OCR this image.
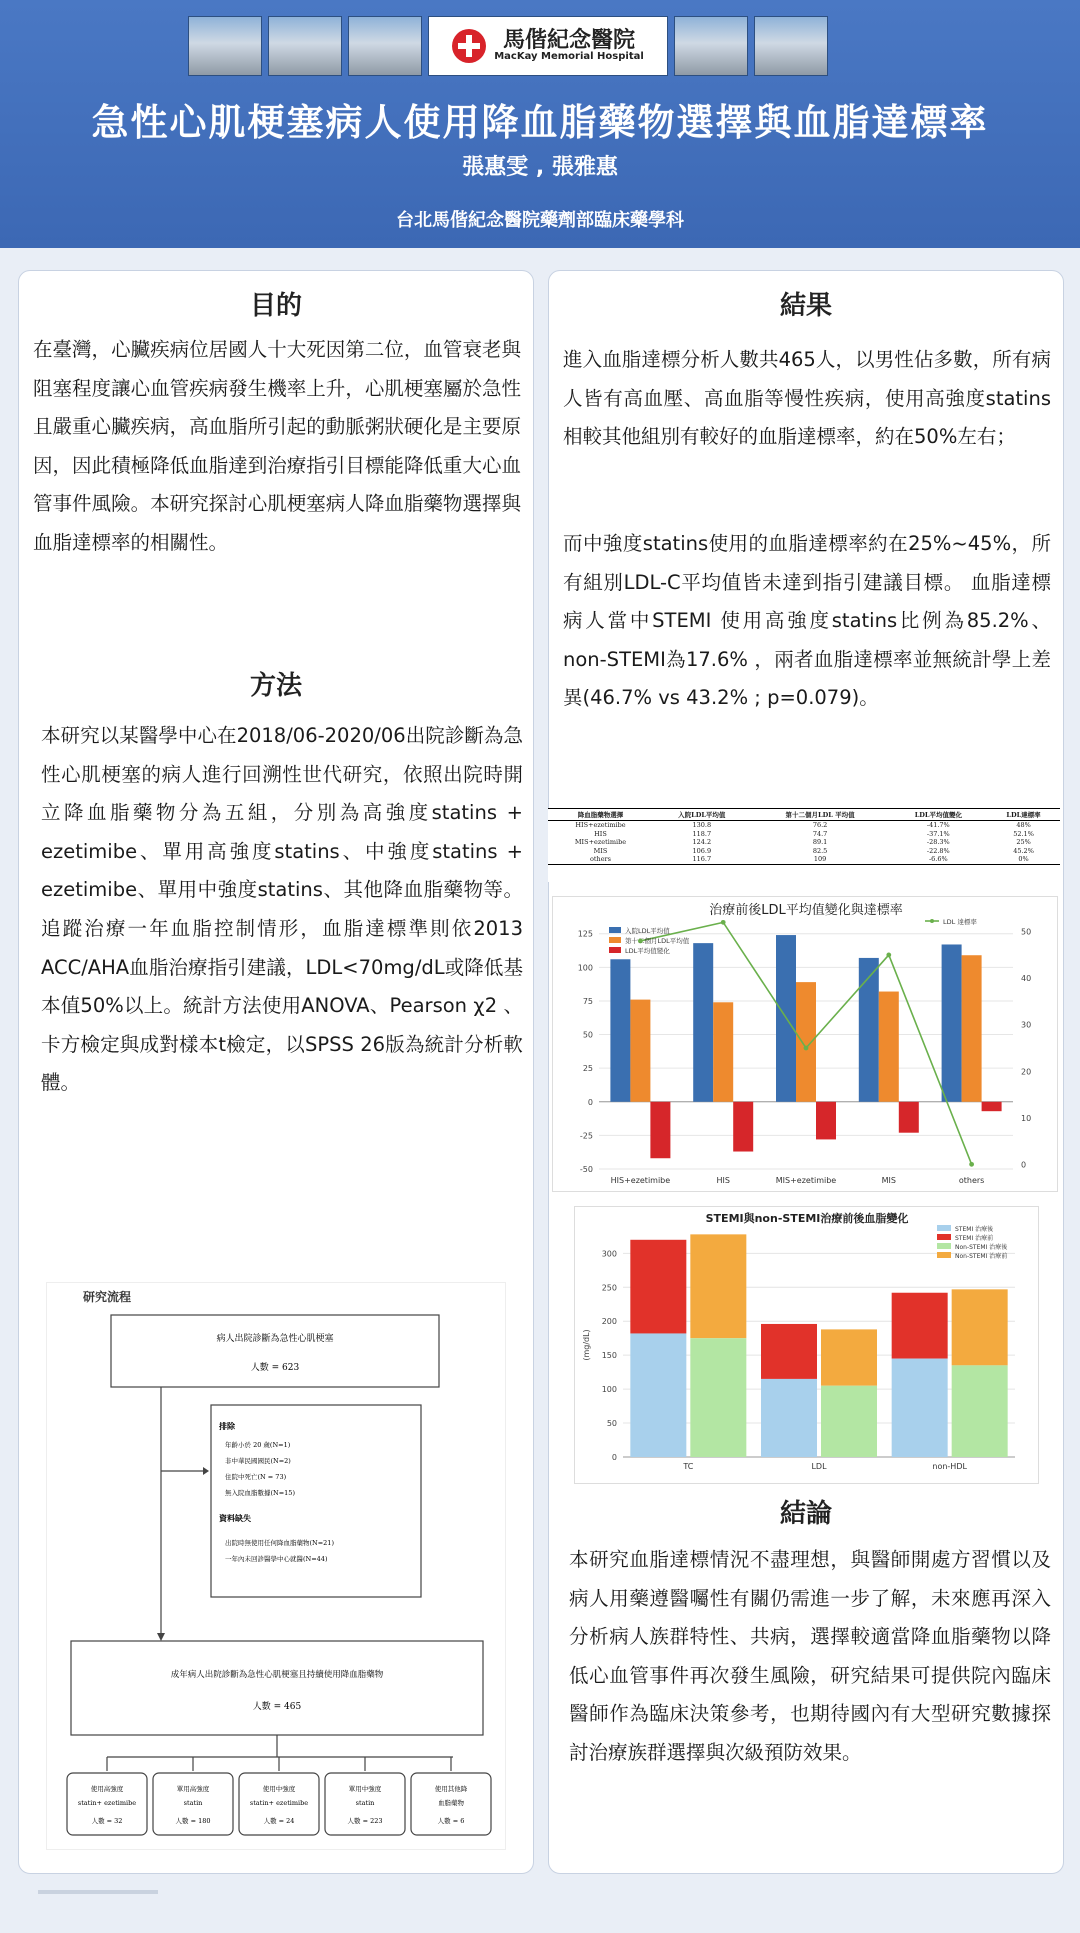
馬偕紀念醫院
MacKay Memorial Hospital
急性心肌梗塞病人使用降血脂藥物選擇與血脂達標率
張惠雯 , 張雅惠
台北馬偕紀念醫院藥劑部臨床藥學科
目的
在臺灣，心臟疾病位居國人十大死因第二位，血管衰老與阻塞程度讓心血管疾病發生機率上升，心肌梗塞屬於急性且嚴重心臟疾病，高血脂所引起的動脈粥狀硬化是主要原因，因此積極降低血脂達到治療指引目標能降低重大心血管事件風險。本研究探討心肌梗塞病人降血脂藥物選擇與血脂達標率的相關性。
方法
本研究以某醫學中心在2018/06-2020/06出院診斷為急性心肌梗塞的病人進行回溯性世代研究，依照出院時開立降血脂藥物分為五組，分別為高強度statins + ezetimibe、單用高強度statins、中強度statins + ezetimibe、單用中強度statins、其他降血脂藥物等。追蹤治療一年血脂控制情形，血脂達標準則依2013 ACC/AHA血脂治療指引建議，LDL<70mg/dL或降低基本值50%以上。統計方法使用ANOVA、Pearson χ2 、卡方檢定與成對樣本t檢定，以SPSS 26版為統計分析軟體。
研究流程
病人出院診斷為急性心肌梗塞
人數 = 623
排除
年齡小於 20 歲(N=1)
非中華民國國民(N=2)
住院中死亡(N = 73)
無入院血脂數據(N=15)
資料缺失
出院時無使用任何降血脂藥物(N=21)
一年內未回診醫學中心就醫(N=44)
成年病人出院診斷為急性心肌梗塞且持續使用降血脂藥物
人數 = 465
使用高強度
statin+ ezetimibe
人數 = 32
單用高強度
statin
人數 = 180
使用中強度
statin+ ezetimibe
人數 = 24
單用中強度
statin
人數 = 223
使用其他降
血脂藥物
人數 = 6
結果
進入血脂達標分析人數共465人，以男性佔多數，所有病人皆有高血壓、高血脂等慢性疾病，使用高強度statins相較其他組別有較好的血脂達標率，約在50%左右；
而中強度statins使用的血脂達標率約在25%~45%，所有組別LDL-C平均值皆未達到指引建議目標。 血脂達標病人當中STEMI 使用高強度statins比例為85.2%、non-STEMI為17.6% ，兩者血脂達標率並無統計學上差異(46.7% vs 43.2% ; p=0.079)。
結論
本研究血脂達標情況不盡理想，與醫師開處方習慣以及病人用藥遵醫囑性有關仍需進一步了解，未來應再深入分析病人族群特性、共病，選擇較適當降血脂藥物以降低心血管事件再次發生風險，研究結果可提供院內臨床醫師作為臨床決策參考，也期待國內有大型研究數據探討治療族群選擇與次級預防效果。
降血脂藥物選擇	入院LDL平均值	第十二個月LDL 平均值	LDL平均值變化	LDL達標率
HIS+ezetimibe	130.8	76.2	-41.7%	48%
HIS	118.7	74.7	-37.1%	52.1%
MIS+ezetimibe	124.2	89.1	-28.3%	25%
MIS	106.9	82.5	-22.8%	45.2%
others	116.7	109	-6.6%	0%
治療前後LDL平均值變化與達標率
-50
-25
0
25
50
75
100
125
0
10
20
30
40
50
HIS+ezetimibe	HIS	MIS+ezetimibe	MIS	others
入院LDL平均值
第十二個月LDL平均值
LDL平均值變化
LDL 達標率
STEMI與non-STEMI治療前後血脂變化
(mg/dL)
0
50
100
150
200
250
300
TC	LDL	non-HDL
STEMI 治療後
STEMI 治療前
Non-STEMI 治療後
Non-STEMI 治療前
